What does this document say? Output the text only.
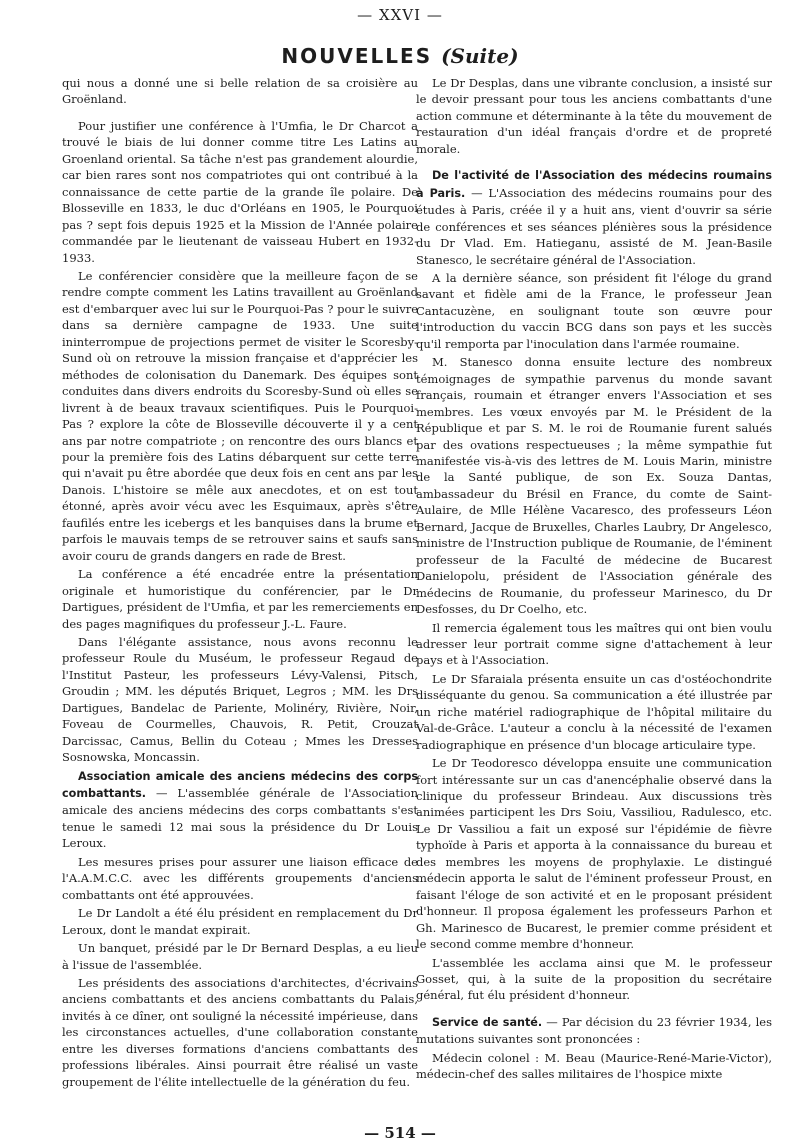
— XXVI —
NOUVELLES (Suite)

qui nous a donné une si belle relation de sa croisière au Groënland.

Pour justifier une conférence à l'Umfia, le Dr Charcot a trouvé le biais de lui donner comme titre Les Latins au Groenland oriental. Sa tâche n'est pas grandement alourdie, car bien rares sont nos compatriotes qui ont contribué à la connaissance de cette partie de la grande île polaire. De Blosseville en 1833, le duc d'Orléans en 1905, le Pourquoi pas ? sept fois depuis 1925 et la Mission de l'Année polaire commandée par le lieutenant de vaisseau Hubert en 1932-1933.

Le conférencier considère que la meilleure façon de se rendre compte comment les Latins travaillent au Groënland est d'embarquer avec lui sur le Pourquoi-Pas ? pour le suivre dans sa dernière campagne de 1933. Une suite ininterrompue de projections permet de visiter le Scoresby-Sund où on retrouve la mission française et d'apprécier les méthodes de colonisation du Danemark. Des équipes sont conduites dans divers endroits du Scoresby-Sund où elles se livrent à de beaux travaux scientifiques. Puis le Pourquoi-Pas ? explore la côte de Blosseville découverte il y a cent ans par notre compatriote ; on rencontre des ours blancs et pour la première fois des Latins débarquent sur cette terre qui n'avait pu être abordée que deux fois en cent ans par les Danois. L'histoire se mêle aux anecdotes, et on est tout étonné, après avoir vécu avec les Esquimaux, après s'être faufilés entre les icebergs et les banquises dans la brume et parfois le mauvais temps de se retrouver sains et saufs sans avoir couru de grands dangers en rade de Brest.

La conférence a été encadrée entre la présentation originale et humoristique du conférencier, par le Dr Dartigues, président de l'Umfia, et par les remerciements en des pages magnifiques du professeur J.-L. Faure.

Dans l'élégante assistance, nous avons reconnu le professeur Roule du Muséum, le professeur Regaud de l'Institut Pasteur, les professeurs Lévy-Valensi, Pitsch, Groudin ; MM. les députés Briquet, Legros ; MM. les Drs Dartigues, Bandelac de Pariente, Molinéry, Rivière, Noir, Foveau de Courmelles, Chauvois, R. Petit, Crouzat Darcissac, Camus, Bellin du Coteau ; Mmes les Dresses Sosnowska, Moncassin.

Association amicale des anciens médecins des corps combattants. — L'assemblée générale de l'Association amicale des anciens médecins des corps combattants s'est tenue le samedi 12 mai sous la présidence du Dr Louis Leroux.

Les mesures prises pour assurer une liaison efficace de l'A.A.M.C.C. avec les différents groupements d'anciens combattants ont été approuvées.

Le Dr Landolt a été élu président en remplacement du Dr Leroux, dont le mandat expirait.

Un banquet, présidé par le Dr Bernard Desplas, a eu lieu à l'issue de l'assemblée.

Les présidents des associations d'architectes, d'écrivains anciens combattants et des anciens combattants du Palais, invités à ce dîner, ont souligné la nécessité impérieuse, dans les circonstances actuelles, d'une collaboration constante entre les diverses formations d'anciens combattants des professions libérales. Ainsi pourrait être réalisé un vaste groupement de l'élite intellectuelle de la génération du feu.

Le Dr Desplas, dans une vibrante conclusion, a insisté sur le devoir pressant pour tous les anciens combattants d'une action commune et déterminante à la tête du mouvement de restauration d'un idéal français d'ordre et de propreté morale.

De l'activité de l'Association des médecins roumains à Paris. — L'Association des médecins roumains pour des études à Paris, créée il y a huit ans, vient d'ouvrir sa série de conférences et ses séances plénières sous la présidence du Dr Vlad. Em. Hatieganu, assisté de M. Jean-Basile Stanesco, le secrétaire général de l'Association.

A la dernière séance, son président fit l'éloge du grand savant et fidèle ami de la France, le professeur Jean Cantacuzène, en soulignant toute son œuvre pour l'introduction du vaccin BCG dans son pays et les succès qu'il remporta par l'inoculation dans l'armée roumaine.

M. Stanesco donna ensuite lecture des nombreux témoignages de sympathie parvenus du monde savant français, roumain et étranger envers l'Association et ses membres. Les vœux envoyés par M. le Président de la République et par S. M. le roi de Roumanie furent salués par des ovations respectueuses ; la même sympathie fut manifestée vis-à-vis des lettres de M. Louis Marin, ministre de la Santé publique, de son Ex. Souza Dantas, ambassadeur du Brésil en France, du comte de Saint-Aulaire, de Mlle Hélène Vacaresco, des professeurs Léon Bernard, Jacque de Bruxelles, Charles Laubry, Dr Angelesco, ministre de l'Instruction publique de Roumanie, de l'éminent professeur de la Faculté de médecine de Bucarest Danielopolu, président de l'Association générale des médecins de Roumanie, du professeur Marinesco, du Dr Desfosses, du Dr Coelho, etc.

Il remercia également tous les maîtres qui ont bien voulu adresser leur portrait comme signe d'attachement à leur pays et à l'Association.

Le Dr Sfaraiala présenta ensuite un cas d'ostéochondrite disséquante du genou. Sa communication a été illustrée par un riche matériel radiographique de l'hôpital militaire du Val-de-Grâce. L'auteur a conclu à la nécessité de l'examen radiographique en présence d'un blocage articulaire type.

Le Dr Teodoresco développa ensuite une communication fort intéressante sur un cas d'anencéphalie observé dans la clinique du professeur Brindeau. Aux discussions très animées participent les Drs Soiu, Vassiliou, Radulesco, etc. Le Dr Vassiliou a fait un exposé sur l'épidémie de fièvre typhoïde à Paris et apporta à la connaissance du bureau et des membres les moyens de prophylaxie. Le distingué médecin apporta le salut de l'éminent professeur Proust, en faisant l'éloge de son activité et en le proposant président d'honneur. Il proposa également les professeurs Parhon et Gh. Marinesco de Bucarest, le premier comme président et le second comme membre d'honneur.

L'assemblée les acclama ainsi que M. le professeur Gosset, qui, à la suite de la proposition du secrétaire général, fut élu président d'honneur.

Service de santé. — Par décision du 23 février 1934, les mutations suivantes sont prononcées :

Médecin colonel : M. Beau (Maurice-René-Marie-Victor), médecin-chef des salles militaires de l'hospice mixte

— 514 —
